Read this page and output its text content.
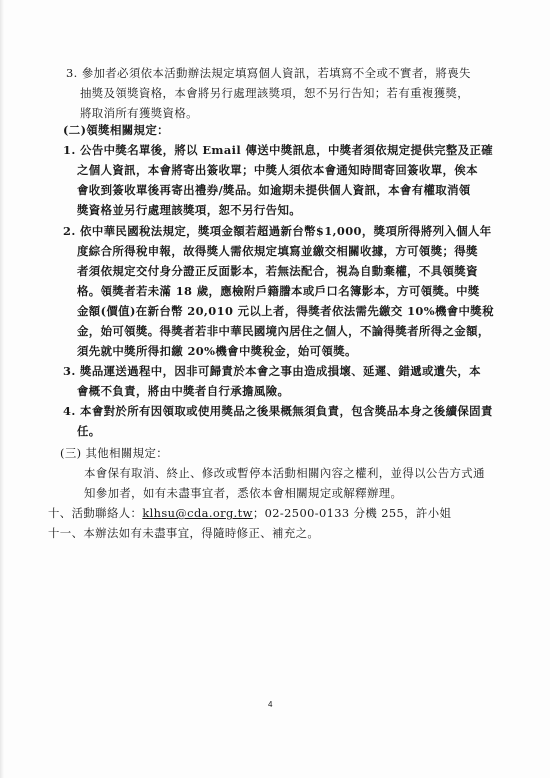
3. 參加者必須依本活動辦法規定填寫個人資訊，若填寫不全或不實者，將喪失
抽獎及領獎資格，本會將另行處理該獎項，恕不另行告知；若有重複獲獎，
將取消所有獲獎資格。
(二)領獎相關規定：
1. 公告中獎名單後，將以 Email 傳送中獎訊息，中獎者須依規定提供完整及正確
之個人資訊，本會將寄出簽收單；中獎人須依本會通知時間寄回簽收單，俟本
會收到簽收單後再寄出禮券/獎品。如逾期未提供個人資訊，本會有權取消領
獎資格並另行處理該獎項，恕不另行告知。
2. 依中華民國稅法規定，獎項金額若超過新台幣$1,000，獎項所得將列入個人年
度綜合所得稅申報，故得獎人需依規定填寫並繳交相關收據，方可領獎；得獎
者須依規定交付身分證正反面影本，若無法配合，視為自動棄權，不具領獎資
格。領獎者若未滿 18 歲，應檢附戶籍謄本或戶口名簿影本，方可領獎。中獎
金額(價值)在新台幣 20,010 元以上者，得獎者依法需先繳交 10%機會中獎稅
金，始可領獎。得獎者若非中華民國境內居住之個人，不論得獎者所得之金額，
須先就中獎所得扣繳 20%機會中獎稅金，始可領獎。
3. 獎品運送過程中，因非可歸責於本會之事由造成損壞、延遲、錯遞或遺失，本
會概不負責，將由中獎者自行承擔風險。
4. 本會對於所有因領取或使用獎品之後果概無須負責，包含獎品本身之後續保固責
任。
(三) 其他相關規定：
本會保有取消、終止、修改或暫停本活動相關內容之權利，並得以公告方式通
知參加者，如有未盡事宜者，悉依本會相關規定或解釋辦理。
十、活動聯絡人：klhsu@cda.org.tw；02-2500-0133 分機 255，許小姐
十一、本辦法如有未盡事宜，得隨時修正、補充之。
4
